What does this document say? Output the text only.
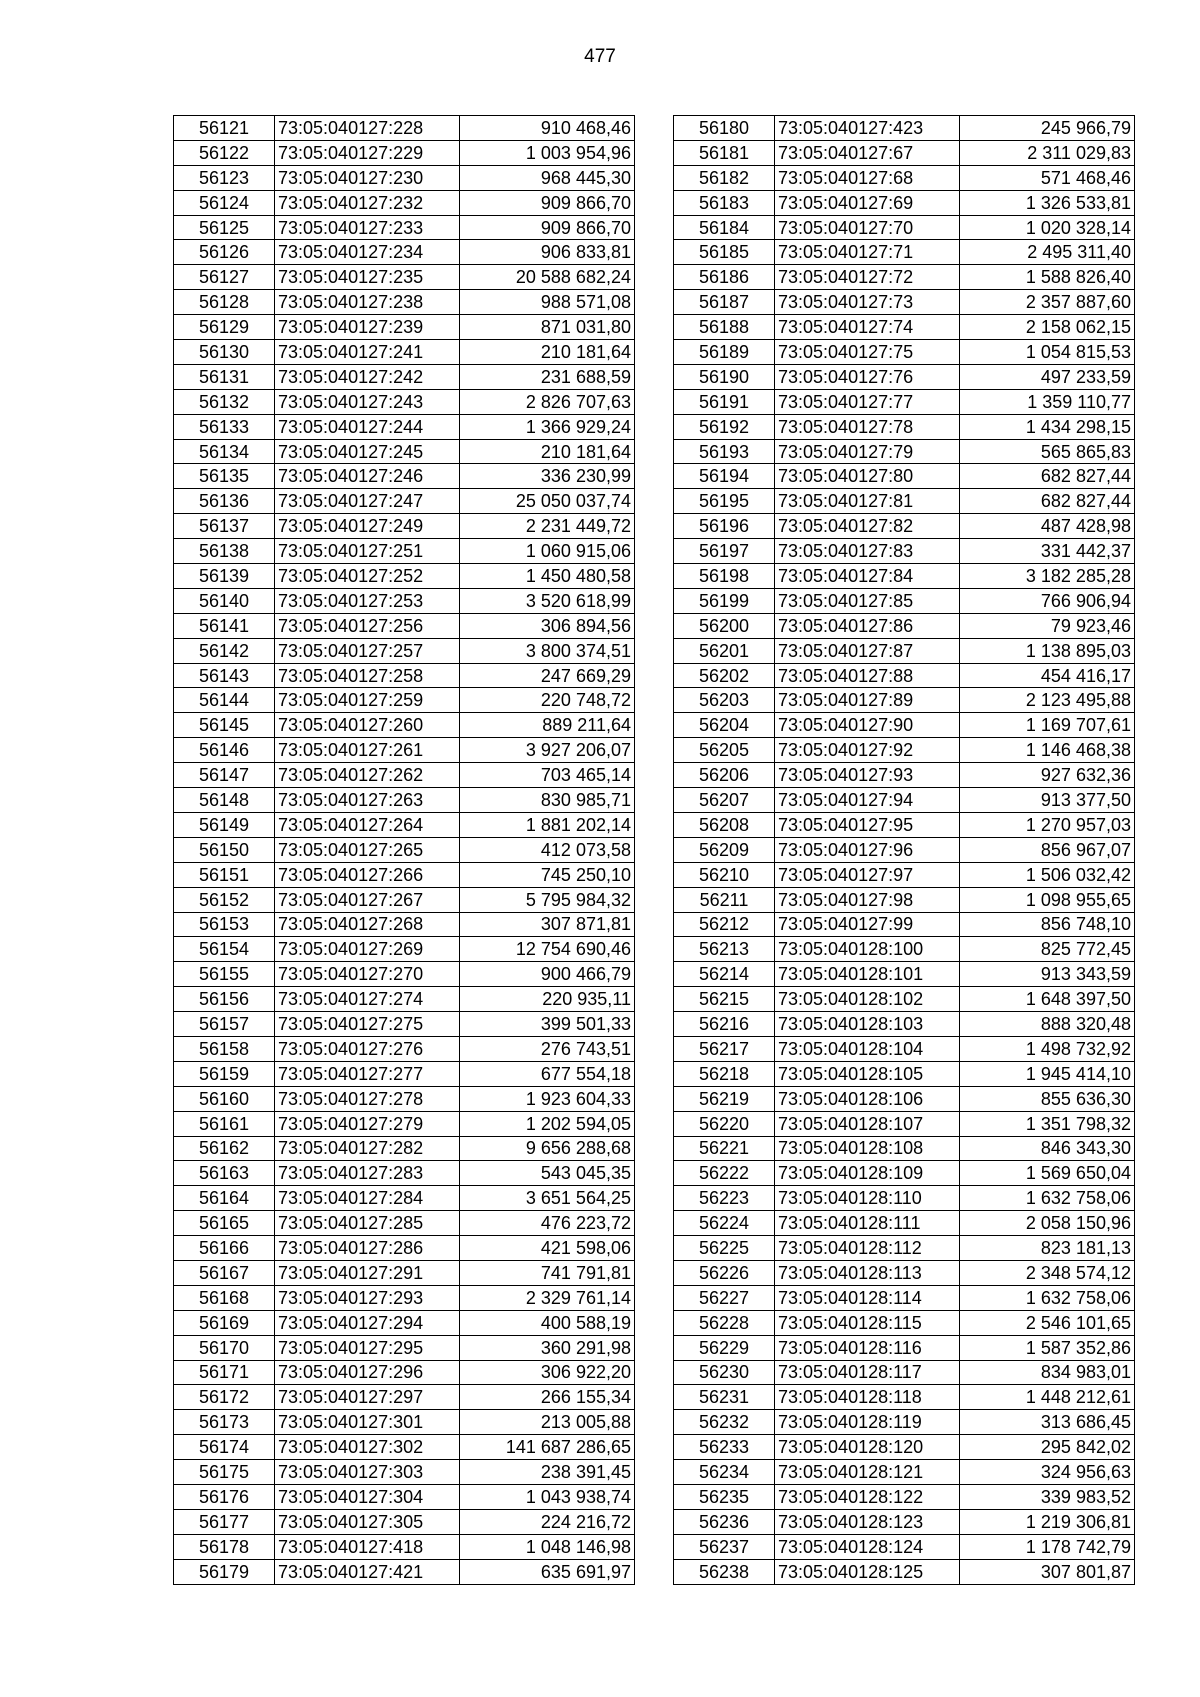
477
56121	73:05:040127:228	910 468,46
56122	73:05:040127:229	1 003 954,96
56123	73:05:040127:230	968 445,30
56124	73:05:040127:232	909 866,70
56125	73:05:040127:233	909 866,70
56126	73:05:040127:234	906 833,81
56127	73:05:040127:235	20 588 682,24
56128	73:05:040127:238	988 571,08
56129	73:05:040127:239	871 031,80
56130	73:05:040127:241	210 181,64
56131	73:05:040127:242	231 688,59
56132	73:05:040127:243	2 826 707,63
56133	73:05:040127:244	1 366 929,24
56134	73:05:040127:245	210 181,64
56135	73:05:040127:246	336 230,99
56136	73:05:040127:247	25 050 037,74
56137	73:05:040127:249	2 231 449,72
56138	73:05:040127:251	1 060 915,06
56139	73:05:040127:252	1 450 480,58
56140	73:05:040127:253	3 520 618,99
56141	73:05:040127:256	306 894,56
56142	73:05:040127:257	3 800 374,51
56143	73:05:040127:258	247 669,29
56144	73:05:040127:259	220 748,72
56145	73:05:040127:260	889 211,64
56146	73:05:040127:261	3 927 206,07
56147	73:05:040127:262	703 465,14
56148	73:05:040127:263	830 985,71
56149	73:05:040127:264	1 881 202,14
56150	73:05:040127:265	412 073,58
56151	73:05:040127:266	745 250,10
56152	73:05:040127:267	5 795 984,32
56153	73:05:040127:268	307 871,81
56154	73:05:040127:269	12 754 690,46
56155	73:05:040127:270	900 466,79
56156	73:05:040127:274	220 935,11
56157	73:05:040127:275	399 501,33
56158	73:05:040127:276	276 743,51
56159	73:05:040127:277	677 554,18
56160	73:05:040127:278	1 923 604,33
56161	73:05:040127:279	1 202 594,05
56162	73:05:040127:282	9 656 288,68
56163	73:05:040127:283	543 045,35
56164	73:05:040127:284	3 651 564,25
56165	73:05:040127:285	476 223,72
56166	73:05:040127:286	421 598,06
56167	73:05:040127:291	741 791,81
56168	73:05:040127:293	2 329 761,14
56169	73:05:040127:294	400 588,19
56170	73:05:040127:295	360 291,98
56171	73:05:040127:296	306 922,20
56172	73:05:040127:297	266 155,34
56173	73:05:040127:301	213 005,88
56174	73:05:040127:302	141 687 286,65
56175	73:05:040127:303	238 391,45
56176	73:05:040127:304	1 043 938,74
56177	73:05:040127:305	224 216,72
56178	73:05:040127:418	1 048 146,98
56179	73:05:040127:421	635 691,97
56180	73:05:040127:423	245 966,79
56181	73:05:040127:67	2 311 029,83
56182	73:05:040127:68	571 468,46
56183	73:05:040127:69	1 326 533,81
56184	73:05:040127:70	1 020 328,14
56185	73:05:040127:71	2 495 311,40
56186	73:05:040127:72	1 588 826,40
56187	73:05:040127:73	2 357 887,60
56188	73:05:040127:74	2 158 062,15
56189	73:05:040127:75	1 054 815,53
56190	73:05:040127:76	497 233,59
56191	73:05:040127:77	1 359 110,77
56192	73:05:040127:78	1 434 298,15
56193	73:05:040127:79	565 865,83
56194	73:05:040127:80	682 827,44
56195	73:05:040127:81	682 827,44
56196	73:05:040127:82	487 428,98
56197	73:05:040127:83	331 442,37
56198	73:05:040127:84	3 182 285,28
56199	73:05:040127:85	766 906,94
56200	73:05:040127:86	79 923,46
56201	73:05:040127:87	1 138 895,03
56202	73:05:040127:88	454 416,17
56203	73:05:040127:89	2 123 495,88
56204	73:05:040127:90	1 169 707,61
56205	73:05:040127:92	1 146 468,38
56206	73:05:040127:93	927 632,36
56207	73:05:040127:94	913 377,50
56208	73:05:040127:95	1 270 957,03
56209	73:05:040127:96	856 967,07
56210	73:05:040127:97	1 506 032,42
56211	73:05:040127:98	1 098 955,65
56212	73:05:040127:99	856 748,10
56213	73:05:040128:100	825 772,45
56214	73:05:040128:101	913 343,59
56215	73:05:040128:102	1 648 397,50
56216	73:05:040128:103	888 320,48
56217	73:05:040128:104	1 498 732,92
56218	73:05:040128:105	1 945 414,10
56219	73:05:040128:106	855 636,30
56220	73:05:040128:107	1 351 798,32
56221	73:05:040128:108	846 343,30
56222	73:05:040128:109	1 569 650,04
56223	73:05:040128:110	1 632 758,06
56224	73:05:040128:111	2 058 150,96
56225	73:05:040128:112	823 181,13
56226	73:05:040128:113	2 348 574,12
56227	73:05:040128:114	1 632 758,06
56228	73:05:040128:115	2 546 101,65
56229	73:05:040128:116	1 587 352,86
56230	73:05:040128:117	834 983,01
56231	73:05:040128:118	1 448 212,61
56232	73:05:040128:119	313 686,45
56233	73:05:040128:120	295 842,02
56234	73:05:040128:121	324 956,63
56235	73:05:040128:122	339 983,52
56236	73:05:040128:123	1 219 306,81
56237	73:05:040128:124	1 178 742,79
56238	73:05:040128:125	307 801,87
